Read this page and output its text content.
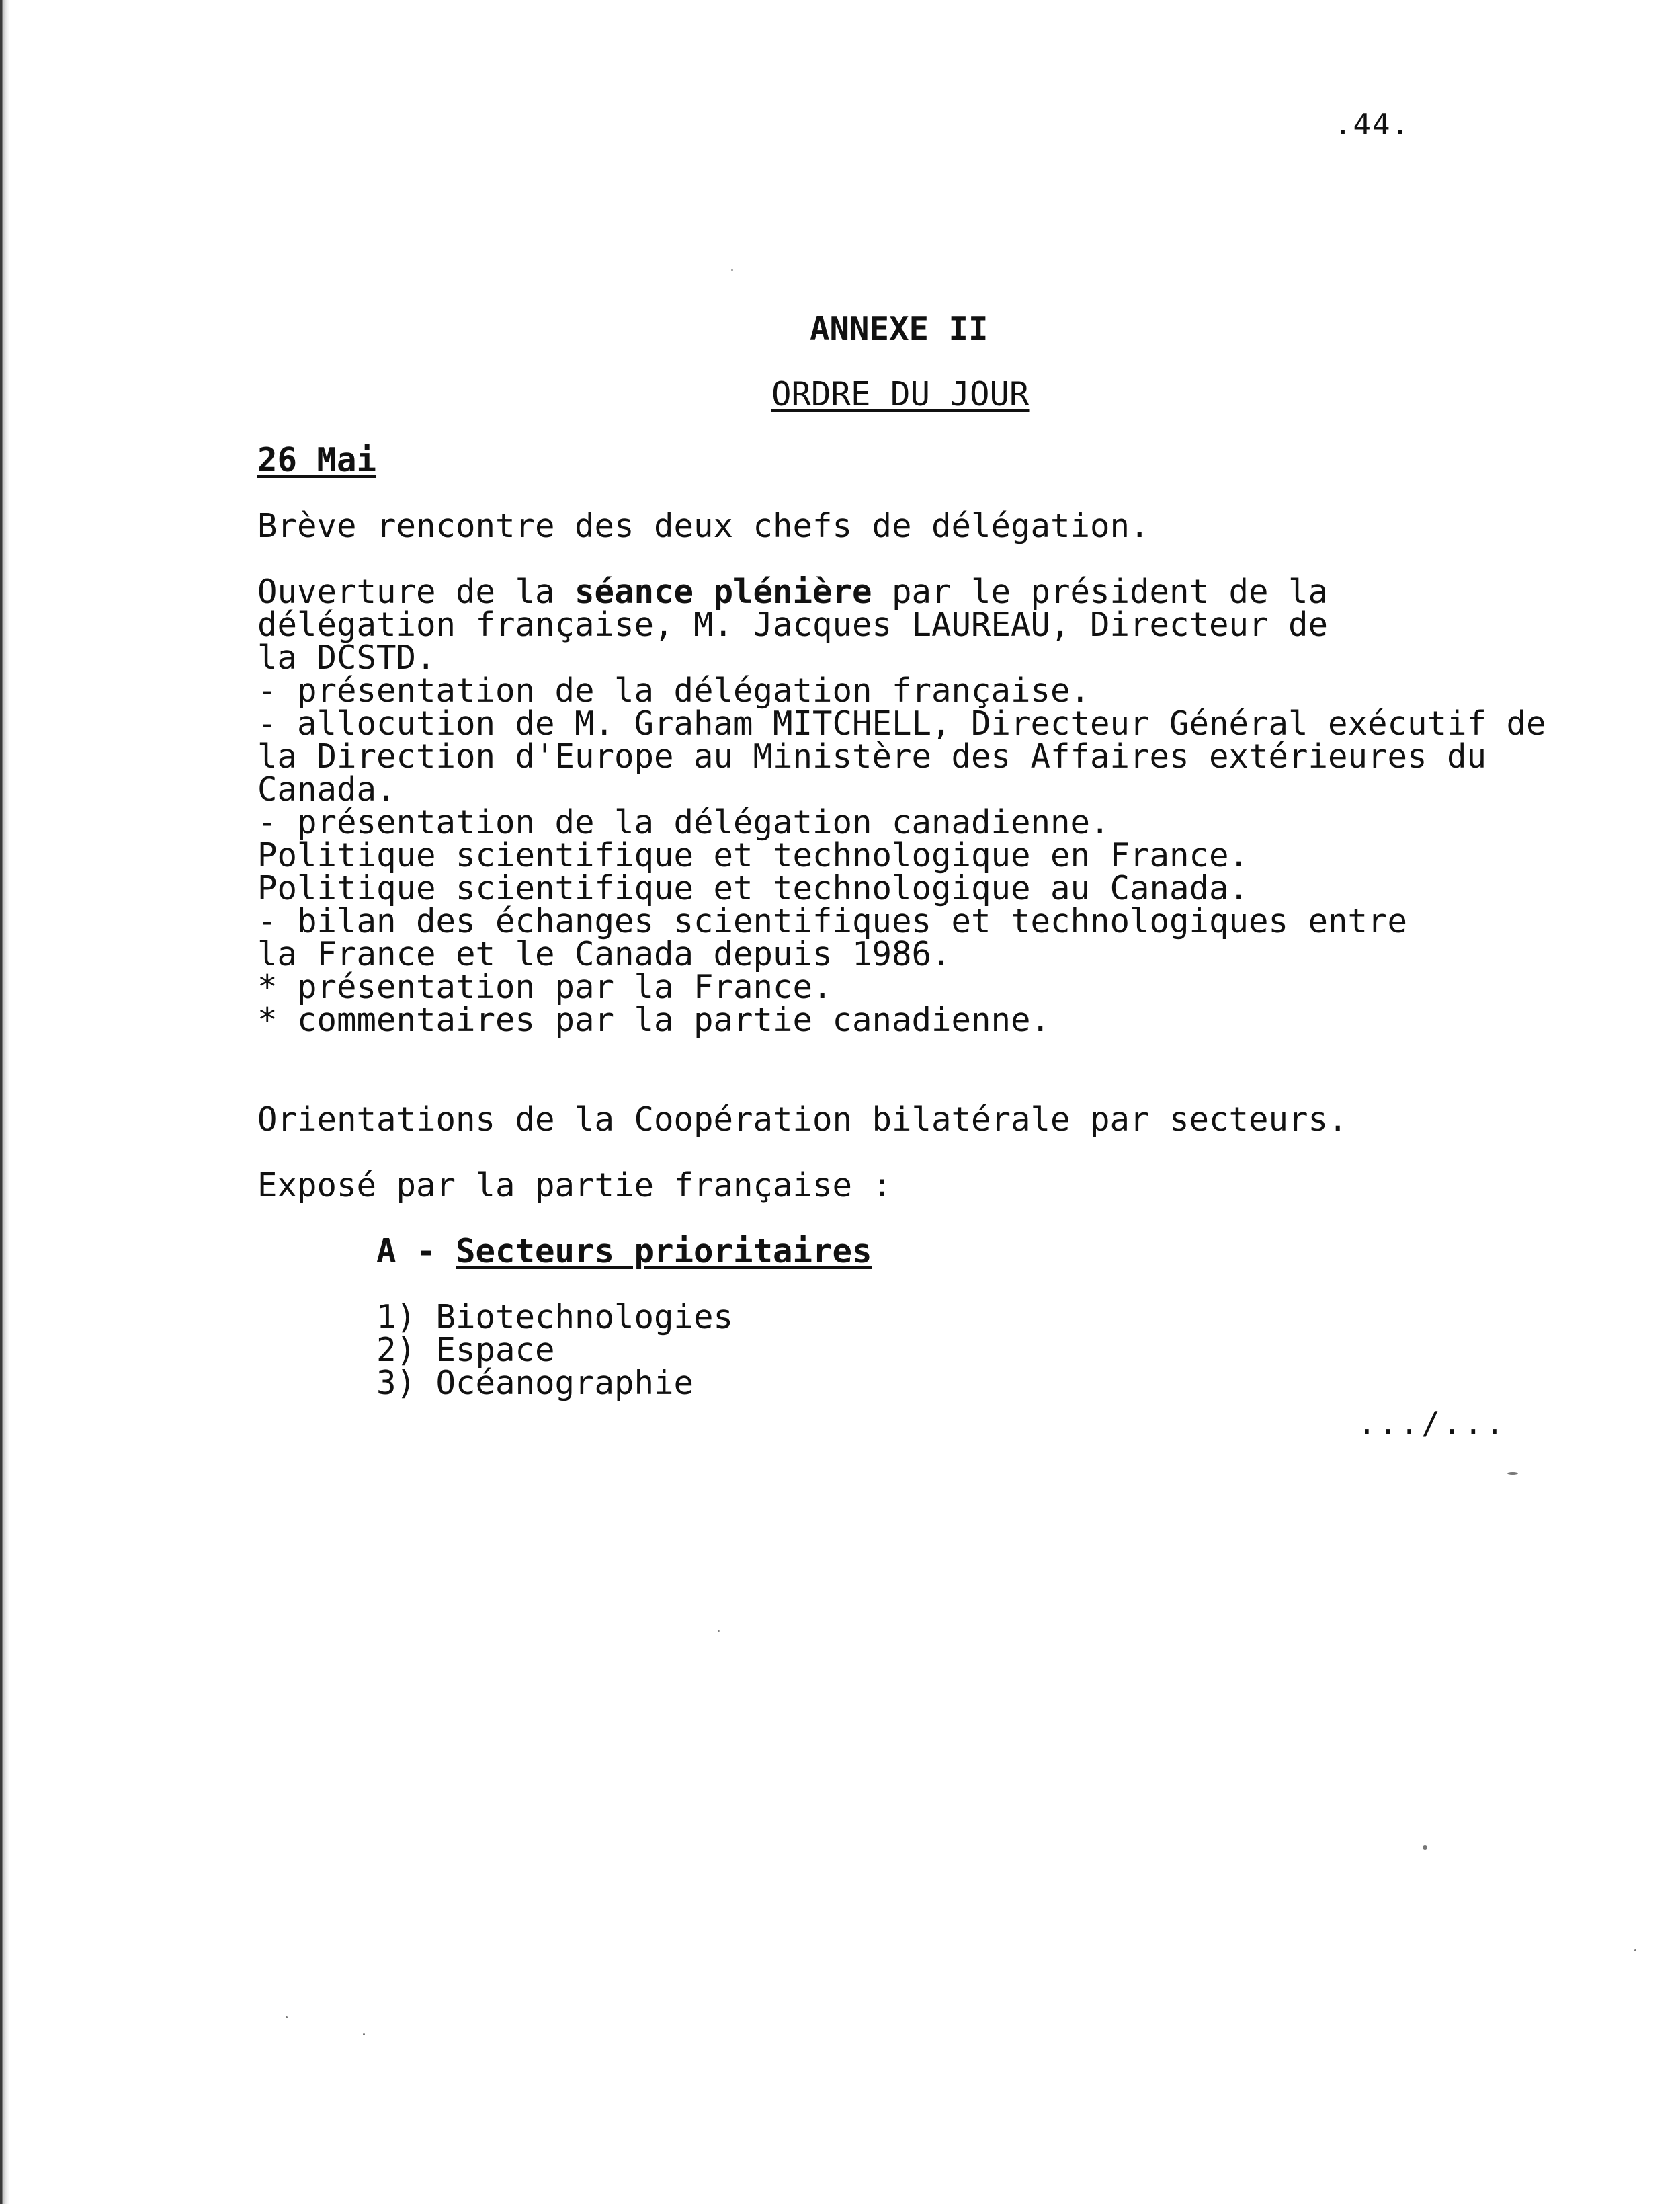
.44.
ANNEXE II
ORDRE DU JOUR
26 Mai
Brève rencontre des deux chefs de délégation.
Ouverture de la séance plénière par le président de la
délégation française, M. Jacques LAUREAU, Directeur de
la DCSTD.
- présentation de la délégation française.
- allocution de M. Graham MITCHELL, Directeur Général exécutif de
la Direction d'Europe au Ministère des Affaires extérieures du
Canada.
- présentation de la délégation canadienne.
Politique scientifique et technologique en France.
Politique scientifique et technologique au Canada.
- bilan des échanges scientifiques et technologiques entre
la France et le Canada depuis 1986.
* présentation par la France.
* commentaires par la partie canadienne.
Orientations de la Coopération bilatérale par secteurs.
Exposé par la partie française :
A - Secteurs prioritaires
1) Biotechnologies
2) Espace
3) Océanographie
.../...
